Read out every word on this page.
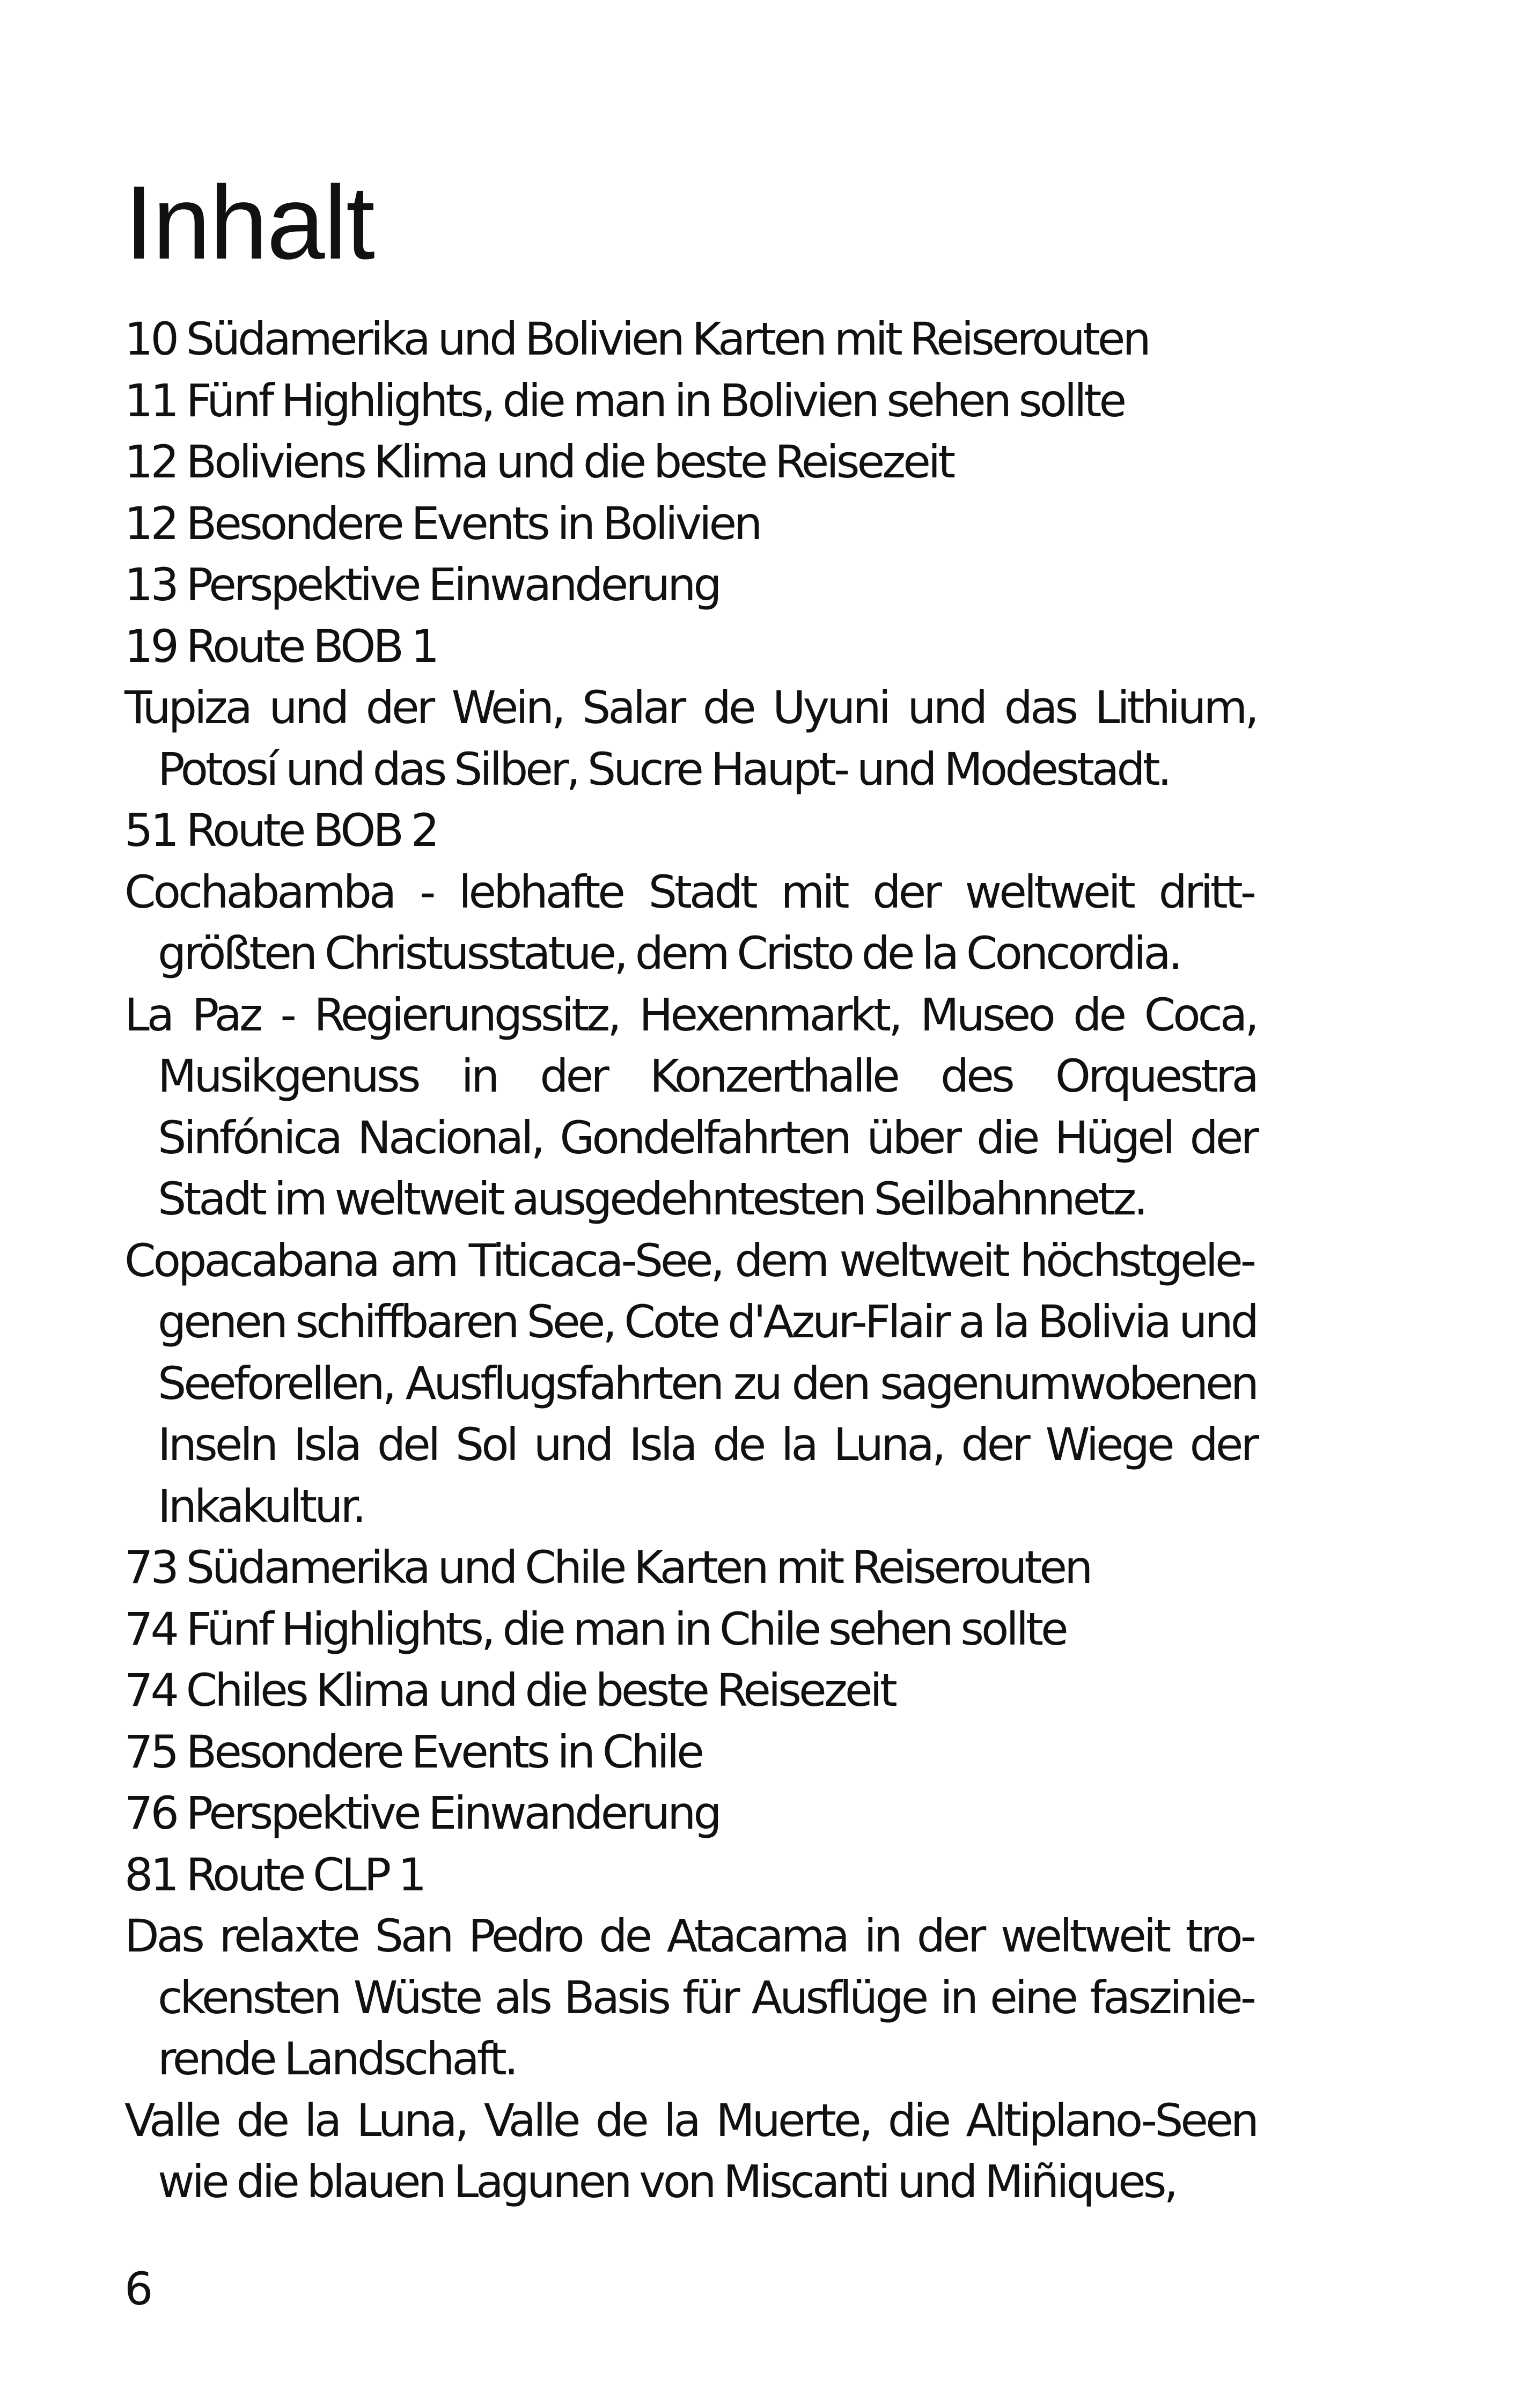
Inhalt
10 Südamerika und Bolivien Karten mit Reiserouten
11 Fünf Highlights, die man in Bolivien sehen sollte
12 Boliviens Klima und die beste Reisezeit
12 Besondere Events in Bolivien
13 Perspektive Einwanderung
19 Route BOB 1
Tupiza und der Wein, Salar de Uyuni und das Lithium, Potosí und das Silber, Sucre Haupt- und Modestadt.
51 Route BOB 2
Cochabamba - lebhafte Stadt mit der weltweit drittgrößten Christusstatue, dem Cristo de la Concordia.
La Paz - Regierungssitz, Hexenmarkt, Museo de Coca, Musikgenuss in der Konzerthalle des Orquestra Sinfónica Nacional, Gondelfahrten über die Hügel der Stadt im weltweit ausgedehntesten Seilbahnnetz.
Copacabana am Titicaca-See, dem weltweit höchstgelegenen schiffbaren See, Cote d'Azur-Flair a la Bolivia und Seeforellen, Ausflugsfahrten zu den sagenumwobenen Inseln Isla del Sol und Isla de la Luna, der Wiege der Inkakultur.
73 Südamerika und Chile Karten mit Reiserouten
74 Fünf Highlights, die man in Chile sehen sollte
74 Chiles Klima und die beste Reisezeit
75 Besondere Events in Chile
76 Perspektive Einwanderung
81 Route CLP 1
Das relaxte San Pedro de Atacama in der weltweit trockensten Wüste als Basis für Ausflüge in eine faszinierende Landschaft.
Valle de la Luna, Valle de la Muerte, die Altiplano-Seen wie die blauen Lagunen von Miscanti und Miñiques,
6
